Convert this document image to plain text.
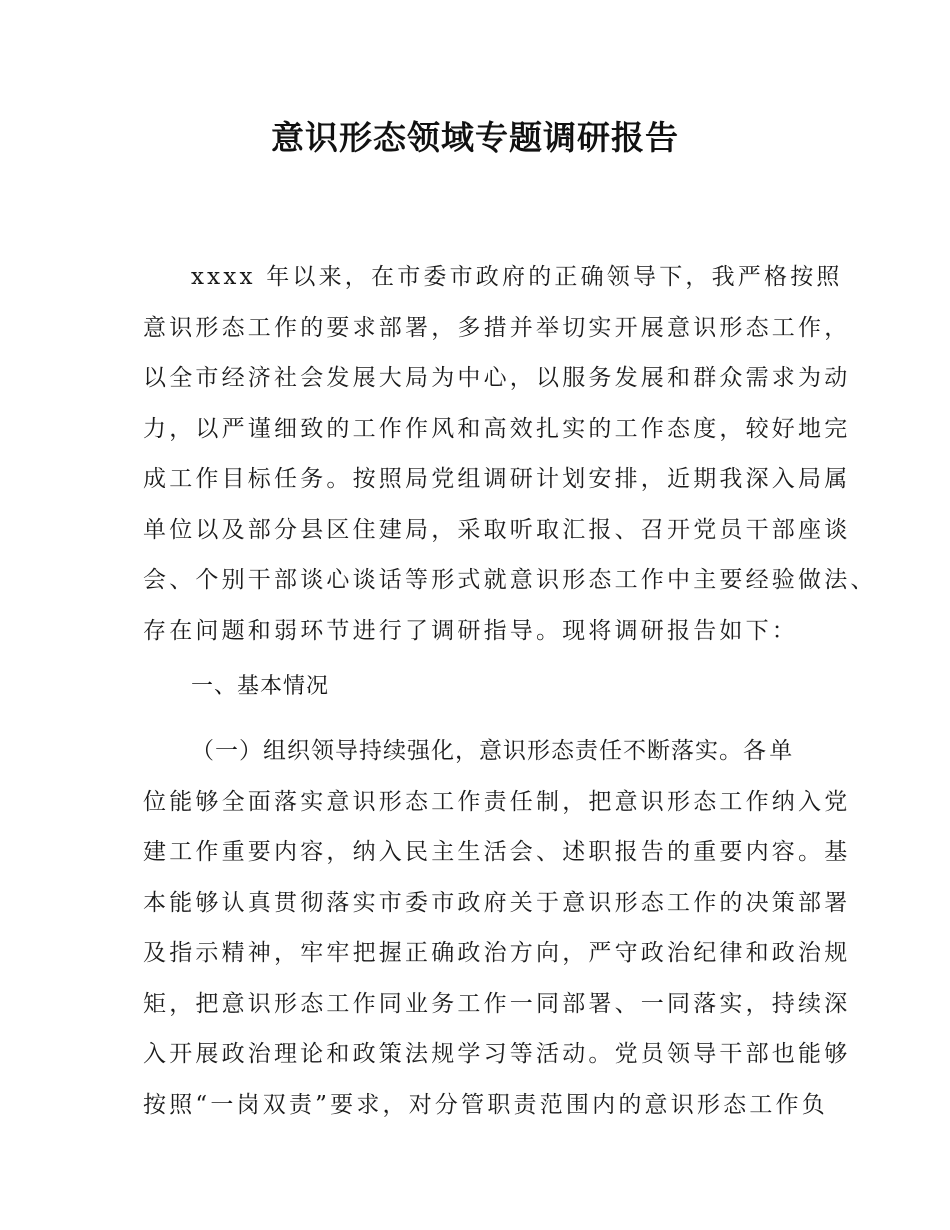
意识形态领域专题调研报告

xxxx 年以来，在市委市政府的正确领导下，我严格按照

意识形态工作的要求部署，多措并举切实开展意识形态工作，

以全市经济社会发展大局为中心，以服务发展和群众需求为动

力，以严谨细致的工作作风和高效扎实的工作态度，较好地完

成工作目标任务。按照局党组调研计划安排，近期我深入局属

单位以及部分县区住建局，采取听取汇报、召开党员干部座谈

会、个别干部谈心谈话等形式就意识形态工作中主要经验做法、

存在问题和弱环节进行了调研指导。现将调研报告如下：

一、基本情况

（一）组织领导持续强化，意识形态责任不断落实。各单

位能够全面落实意识形态工作责任制，把意识形态工作纳入党

建工作重要内容，纳入民主生活会、述职报告的重要内容。基

本能够认真贯彻落实市委市政府关于意识形态工作的决策部署

及指示精神，牢牢把握正确政治方向，严守政治纪律和政治规

矩，把意识形态工作同业务工作一同部署、一同落实，持续深

入开展政治理论和政策法规学习等活动。党员领导干部也能够

按照“一岗双责”要求，对分管职责范围内的意识形态工作负
